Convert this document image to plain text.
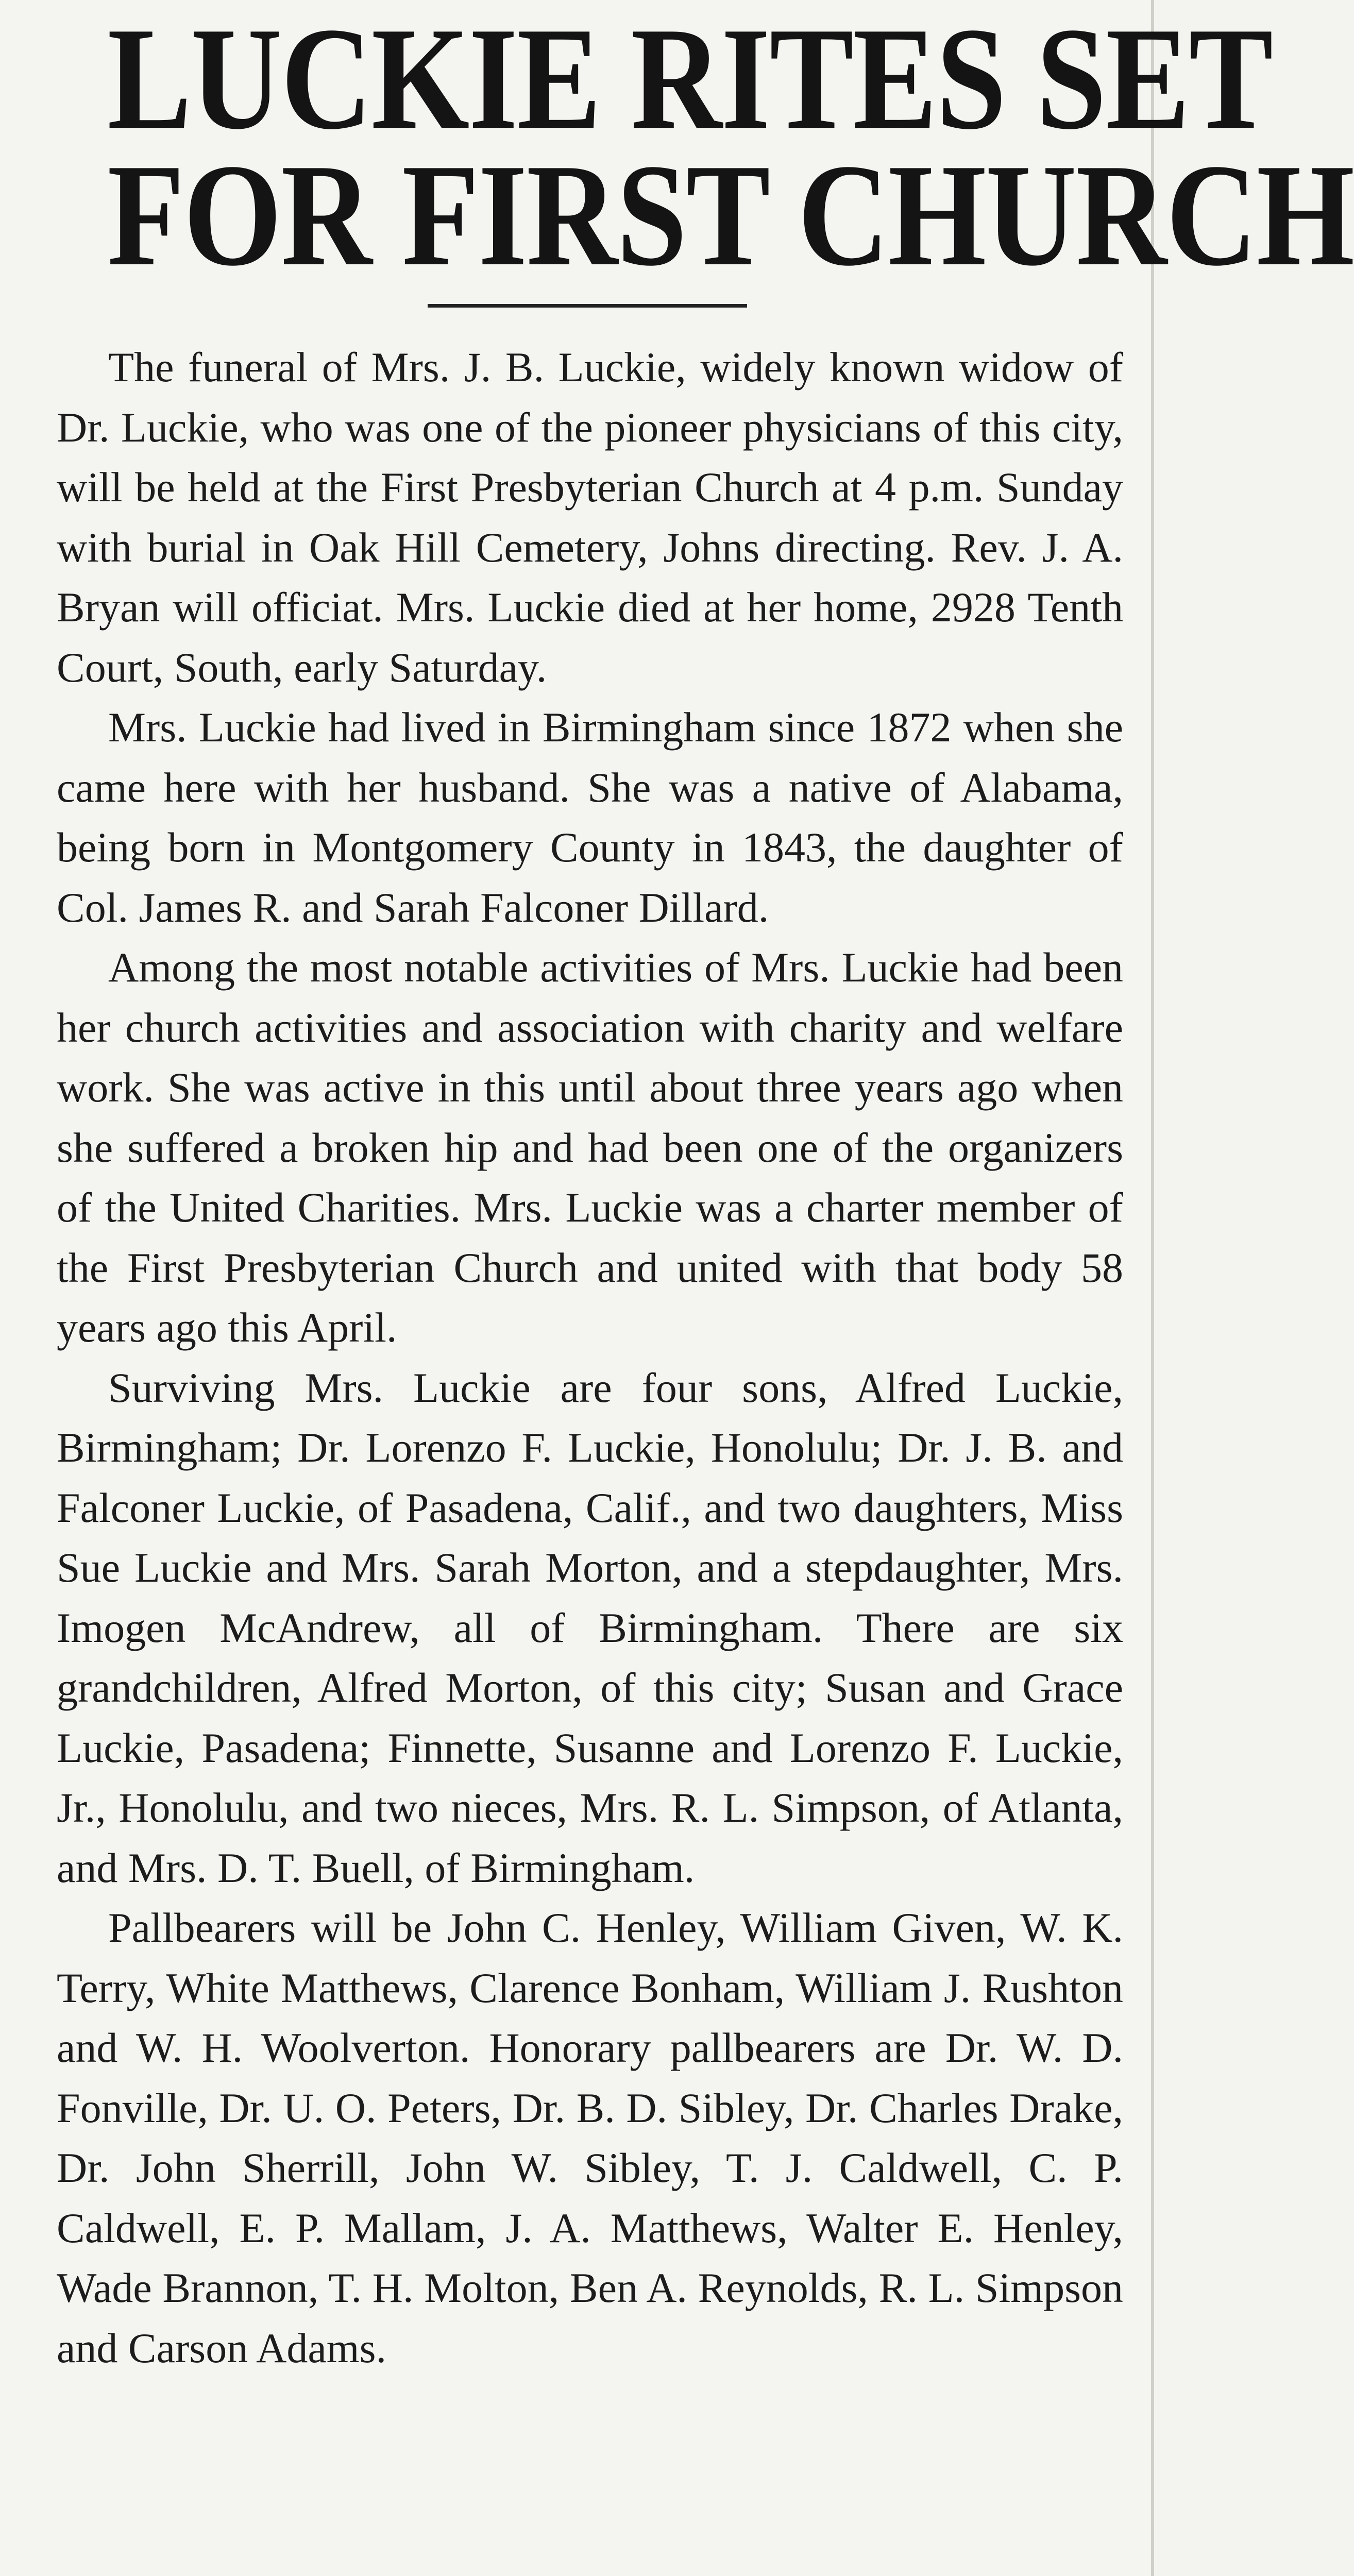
LUCKIE RITES SET
FOR FIRST CHURCH

The funeral of Mrs. J. B. Luckie, widely known widow of Dr. Luckie, who was one of the pioneer physicians of this city, will be held at the First Presbyterian Church at 4 p.m. Sunday with burial in Oak Hill Cemetery, Johns directing. Rev. J. A. Bryan will officiat. Mrs. Luckie died at her home, 2928 Tenth Court, South, early Saturday.

Mrs. Luckie had lived in Birmingham since 1872 when she came here with her husband. She was a native of Alabama, being born in Montgomery County in 1843, the daughter of Col. James R. and Sarah Falconer Dillard.

Among the most notable activities of Mrs. Luckie had been her church activities and association with charity and welfare work. She was active in this until about three years ago when she suffered a broken hip and had been one of the organizers of the United Charities. Mrs. Luckie was a charter member of the First Presbyterian Church and united with that body 58 years ago this April.

Surviving Mrs. Luckie are four sons, Alfred Luckie, Birmingham; Dr. Lorenzo F. Luckie, Honolulu; Dr. J. B. and Falconer Luckie, of Pasadena, Calif., and two daughters, Miss Sue Luckie and Mrs. Sarah Morton, and a stepdaughter, Mrs. Imogen McAndrew, all of Birmingham. There are six grandchildren, Alfred Morton, of this city; Susan and Grace Luckie, Pasadena; Finnette, Susanne and Lorenzo F. Luckie, Jr., Honolulu, and two nieces, Mrs. R. L. Simpson, of Atlanta, and Mrs. D. T. Buell, of Birmingham.

Pallbearers will be John C. Henley, William Given, W. K. Terry, White Matthews, Clarence Bonham, William J. Rushton and W. H. Woolverton. Honorary pallbearers are Dr. W. D. Fonville, Dr. U. O. Peters, Dr. B. D. Sibley, Dr. Charles Drake, Dr. John Sherrill, John W. Sibley, T. J. Caldwell, C. P. Caldwell, E. P. Mallam, J. A. Matthews, Walter E. Henley, Wade Brannon, T. H. Molton, Ben A. Reynolds, R. L. Simpson and Carson Adams.
